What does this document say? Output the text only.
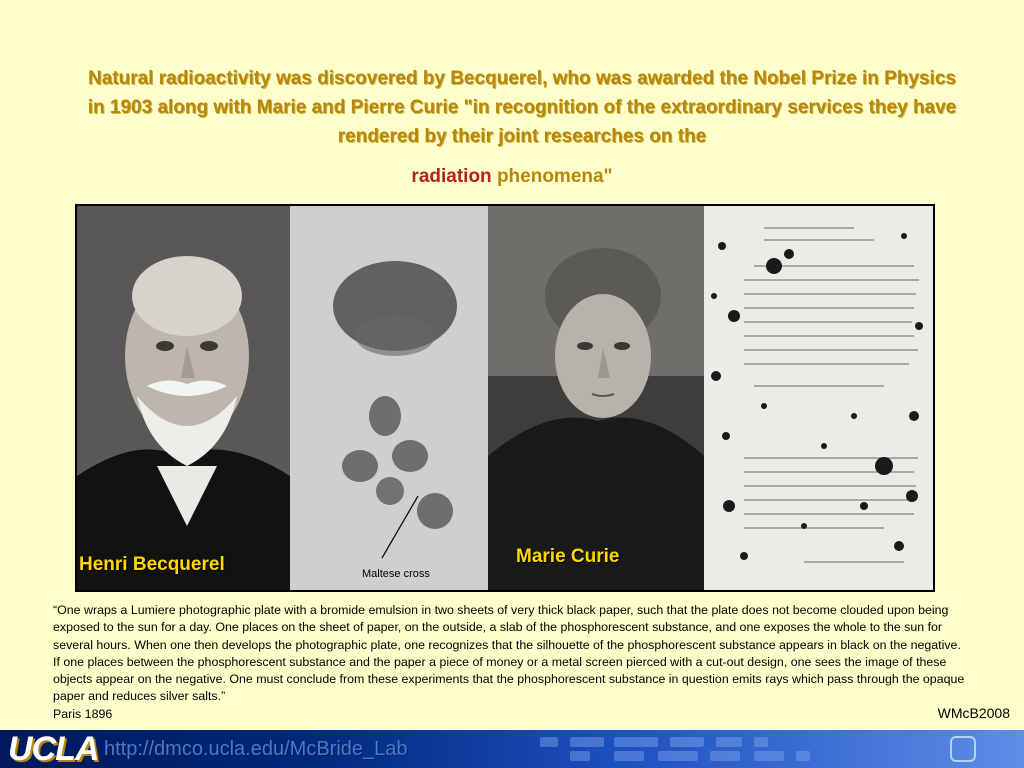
Natural radioactivity was discovered by Becquerel, who was awarded the Nobel Prize in Physics in 1903 along with Marie and Pierre Curie "in recognition of the extraordinary services they have rendered by their joint researches on the
radiation phenomena"
Henri Becquerel	Maltese cross
Marie Curie
“One wraps a Lumiere photographic plate with a bromide emulsion in two sheets of very thick black paper, such that the plate does not become clouded upon being exposed to the sun for a day. One places on the sheet of paper, on the outside, a slab of the phosphorescent substance, and one exposes the whole to the sun for several hours. When one then develops the photographic plate, one recognizes that the silhouette of the phosphorescent substance appears in black on the negative. If one places between the phosphorescent substance and the paper a piece of money or a metal screen pierced with a cut-out design, one sees the image of these objects appear on the negative. One must conclude from these experiments that the phosphorescent substance in question emits rays which pass through the opaque paper and reduces silver salts.”
Paris 1896	WMcB2008
UCLA http://dmco.ucla.edu/McBride_Lab
